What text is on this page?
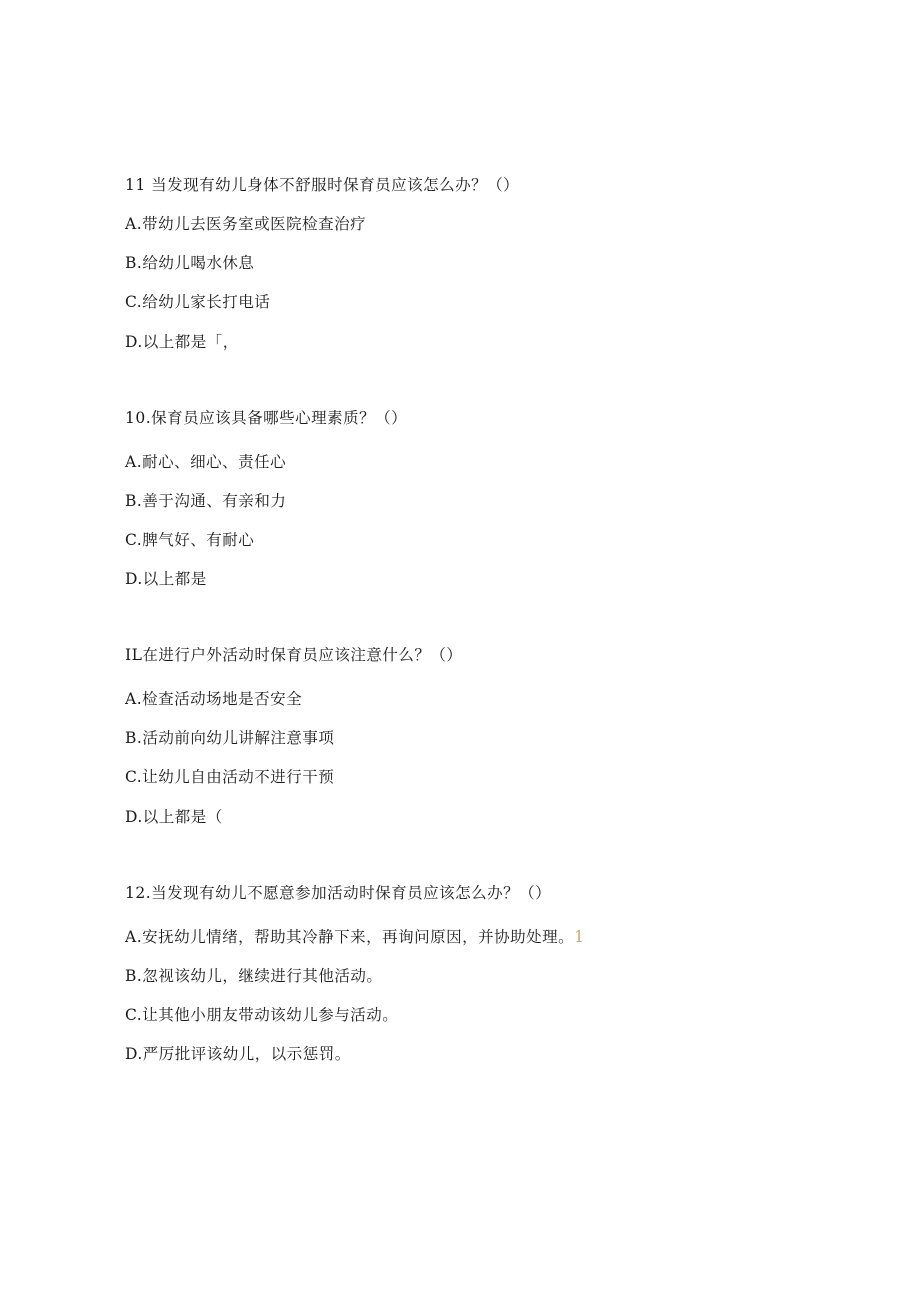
11 当发现有幼儿身体不舒服时保育员应该怎么办？（）
A.带幼儿去医务室或医院检查治疗
B.给幼儿喝水休息
C.给幼儿家长打电话
D.以上都是「，
10.保育员应该具备哪些心理素质？（）
A.耐心、细心、责任心
B.善于沟通、有亲和力
C.脾气好、有耐心
D.以上都是
IL在进行户外活动时保育员应该注意什么？（）
A.检查活动场地是否安全
B.活动前向幼儿讲解注意事项
C.让幼儿自由活动不进行干预
D.以上都是（
12.当发现有幼儿不愿意参加活动时保育员应该怎么办？（）
A.安抚幼儿情绪，帮助其冷静下来，再询问原因，并协助处理。1
B.忽视该幼儿，继续进行其他活动。
C.让其他小朋友带动该幼儿参与活动。
D.严厉批评该幼儿，以示惩罚。
